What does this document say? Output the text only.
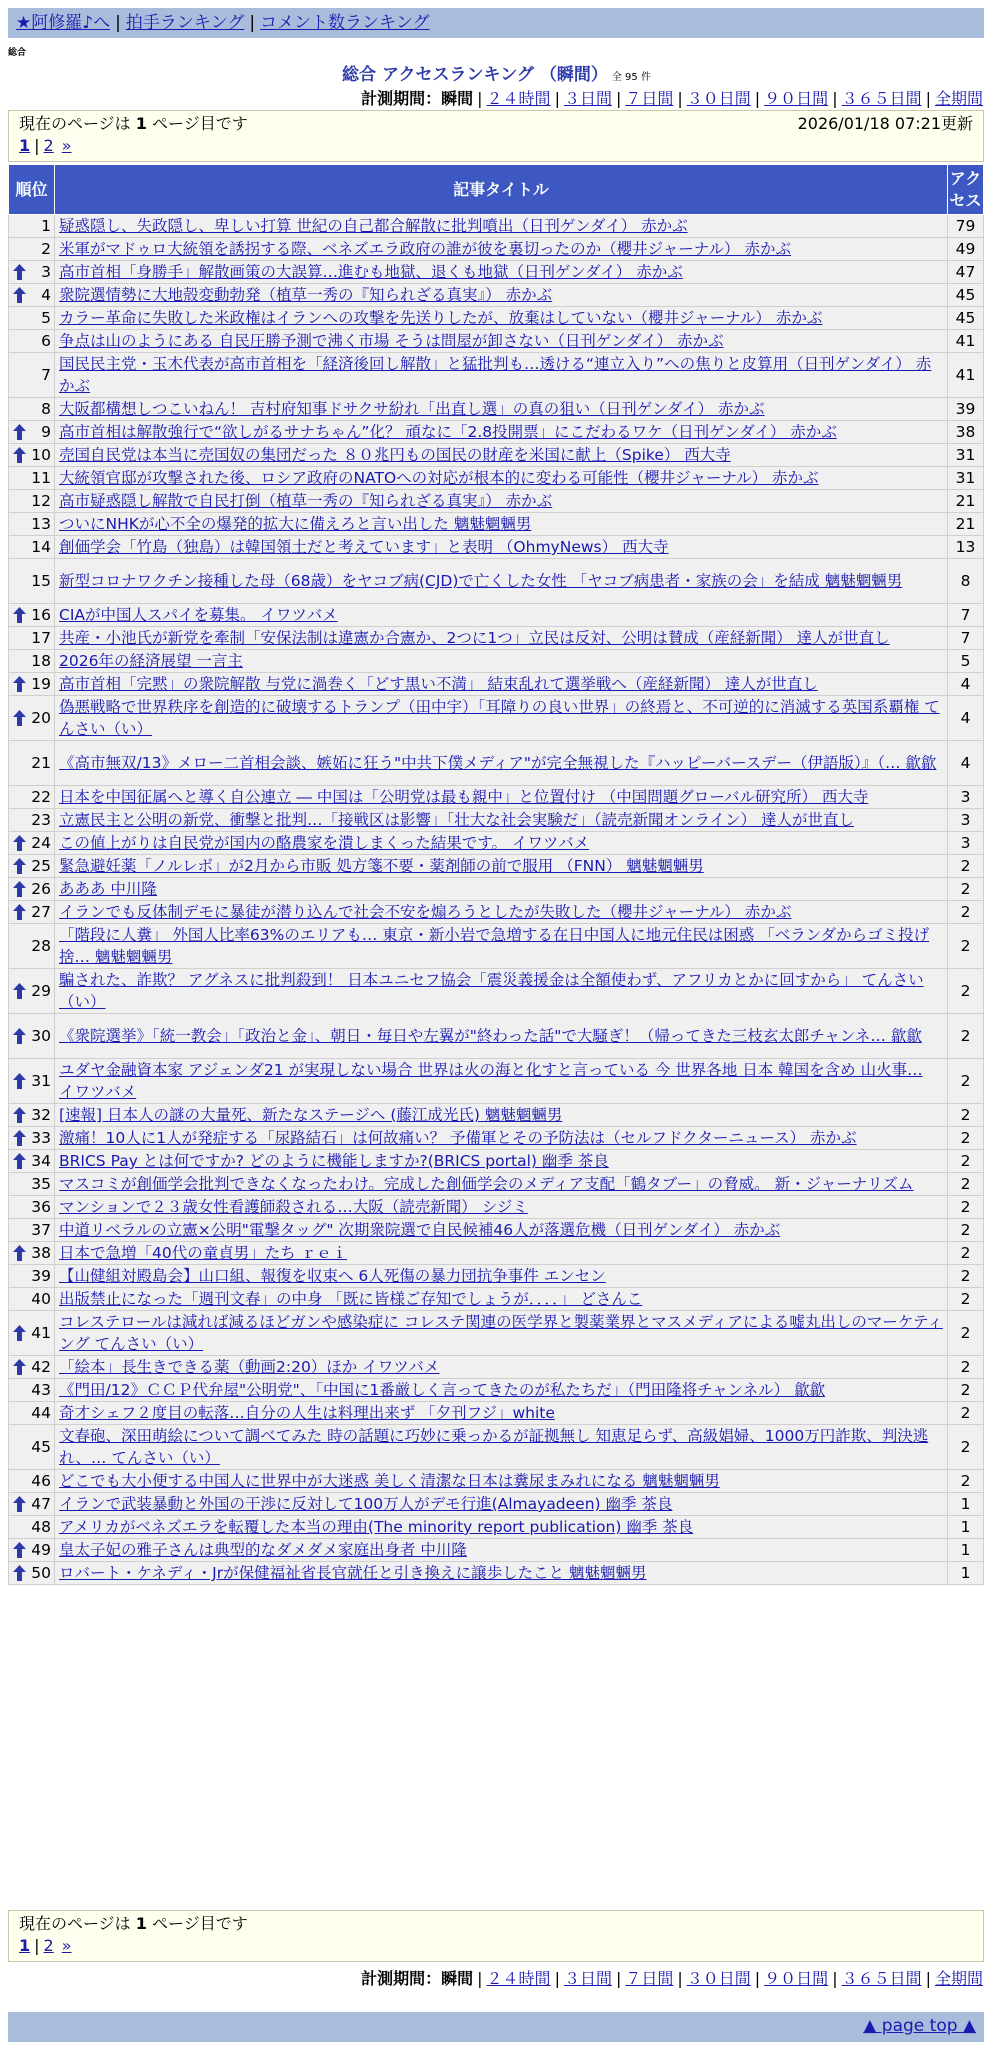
★阿修羅♪へ | 拍手ランキング | コメント数ランキング
総合
総合 アクセスランキング （瞬間） 全 95 件
計測期間：瞬間 | ２４時間 | ３日間 | ７日間 | ３０日間 | ９０日間 | ３６５日間 | 全期間
現在のページは 1 ページ目です	2026/01/18 07:21更新
1 | 2 »
順位	記事タイトル	アクセス
1	疑惑隠し、失政隠し、卑しい打算 世紀の自己都合解散に批判噴出（日刊ゲンダイ） 赤かぶ	79
2	米軍がマドゥロ大統領を誘拐する際、ベネズエラ政府の誰が彼を裏切ったのか（櫻井ジャーナル） 赤かぶ	49

3	高市首相「身勝手」解散画策の大誤算…進むも地獄、退くも地獄（日刊ゲンダイ） 赤かぶ	47

4	衆院選情勢に大地殻変動勃発（植草一秀の『知られざる真実』） 赤かぶ	45
5	カラー革命に失敗した米政権はイランへの攻撃を先送りしたが、放棄はしていない（櫻井ジャーナル） 赤かぶ	45
6	争点は山のようにある 自民圧勝予測で沸く市場 そうは問屋が卸さない（日刊ゲンダイ） 赤かぶ	41
7	国民民主党・玉木代表が高市首相を「経済後回し解散」と猛批判も…透ける“連立入り”への焦りと皮算用（日刊ゲンダイ） 赤かぶ	41
8	大阪都構想しつこいねん！ 吉村府知事ドサクサ紛れ「出直し選」の真の狙い（日刊ゲンダイ） 赤かぶ	39

9	高市首相は解散強行で“欲しがるサナちゃん”化？ 頑なに「2.8投開票」にこだわるワケ（日刊ゲンダイ） 赤かぶ	38

10	売国自民党は本当に売国奴の集団だった ８０兆円もの国民の財産を米国に献上（Spike） 西大寺	31
11	大統領官邸が攻撃された後、ロシア政府のNATOへの対応が根本的に変わる可能性（櫻井ジャーナル） 赤かぶ	31
12	高市疑惑隠し解散で自民打倒（植草一秀の『知られざる真実』） 赤かぶ	21
13	ついにNHKが心不全の爆発的拡大に備えろと言い出した 魑魅魍魎男	21
14	創価学会「竹島（独島）は韓国領土だと考えています」と表明 （OhmyNews） 西大寺	13
15	新型コロナワクチン接種した母（68歳）をヤコブ病(CJD)で亡くした女性 「ヤコブ病患者・家族の会」を結成 魑魅魍魎男	8

16	CIAが中国人スパイを募集。 イワツバメ	7
17	共産・小池氏が新党を牽制「安保法制は違憲か合憲か、2つに1つ」立民は反対、公明は賛成（産経新聞） 達人が世直し	7
18	2026年の経済展望 一言主	5

19	高市首相「完黙」の衆院解散 与党に渦巻く「どす黒い不満」 結束乱れて選挙戦へ（産経新聞） 達人が世直し	4

20	偽悪戦略で世界秩序を創造的に破壊するトランプ（田中宇）「耳障りの良い世界」の終焉と、不可逆的に消滅する英国系覇権 てんさい（い）	4
21	《高市無双/13》メロー二首相会談、嫉妬に狂う"中共下僕メディア"が完全無視した『ハッピーバースデー（伊語版）』（… 歙歙	4
22	日本を中国征属へと導く自公連立 ― 中国は「公明党は最も親中」と位置付け （中国問題グローバル研究所） 西大寺	3
23	立憲民主と公明の新党、衝撃と批判…「接戦区は影響」「壮大な社会実験だ」（読売新聞オンライン） 達人が世直し	3

24	この値上がりは自民党が国内の酪農家を潰しまくった結果です。 イワツバメ	3

25	緊急避妊薬「ノルレボ」が2月から市販 処方箋不要・薬剤師の前で服用 （FNN） 魑魅魍魎男	2

26	あああ 中川隆	2

27	イランでも反体制デモに暴徒が潜り込んで社会不安を煽ろうとしたが失敗した（櫻井ジャーナル） 赤かぶ	2
28	「階段に人糞」 外国人比率63%のエリアも… 東京・新小岩で急増する在日中国人に地元住民は困惑 「ベランダからゴミ投げ捨… 魑魅魍魎男	2

29	騙された、詐欺？ アグネスに批判殺到！ 日本ユニセフ協会「震災義援金は全額使わず、アフリカとかに回すから」 てんさい（い）	2

30	《衆院選挙》「統一教会」「政治と金」、朝日・毎日や左翼が"終わった話"で大騒ぎ！（帰ってきた三枝玄太郎チャンネ… 歙歙	2

31	ユダヤ金融資本家 アジェンダ21 が実現しない場合 世界は火の海と化すと言っている 今 世界各地 日本 韓国を含め 山火事… イワツバメ	2

32	[速報] 日本人の謎の大量死、新たなステージへ (藤江成光氏) 魑魅魍魎男	2

33	激痛！10人に1人が発症する「尿路結石」は何故痛い？ 予備軍とその予防法は（セルフドクターニュース） 赤かぶ	2

34	BRICS Pay とは何ですか? どのように機能しますか?(BRICS portal) 幽季 茶良	2
35	マスコミが創価学会批判できなくなったわけ。完成した創価学会のメディア支配「鶴タブー」の脅威。 新・ジャーナリズム	2
36	マンションで２３歳女性看護師殺される…大阪（読売新聞） シジミ	2
37	中道リベラルの立憲×公明"電撃タッグ" 次期衆院選で自民候補46人が落選危機（日刊ゲンダイ） 赤かぶ	2

38	日本で急増「40代の童貞男」たち ｒｅｉ	2
39	【山健組対殿島会】山口組、報復を収束へ 6人死傷の暴力団抗争事件 エンセン	2
40	出版禁止になった「週刊文春」の中身 「既に皆様ご存知でしょうが．．．．」 どさんこ	2

41	コレステロールは減れば減るほどガンや感染症に コレステ関連の医学界と製薬業界とマスメディアによる嘘丸出しのマーケティング てんさい（い）	2

42	「絵本」長生きできる薬（動画2:20）ほか イワツバメ	2
43	《門田/12》ＣＣＰ代弁屋"公明党"、「中国に1番厳しく言ってきたのが私たちだ」（門田隆将チャンネル） 歙歙	2
44	奇才シェフ２度目の転落…自分の人生は料理出来ず 「夕刊フジ」white	2
45	文春砲、深田萌絵について調べてみた 時の話題に巧妙に乗っかるが証拠無し 知恵足らず、高級娼婦、1000万円詐欺、判決逃れ、… てんさい（い）	2
46	どこでも大小便する中国人に世界中が大迷惑 美しく清潔な日本は糞尿まみれになる 魑魅魍魎男	2

47	イランで武装暴動と外国の干渉に反対して100万人がデモ行進(Almayadeen) 幽季 茶良	1
48	アメリカがベネズエラを転覆した本当の理由(The minority report publication) 幽季 茶良	1

49	皇太子妃の雅子さんは典型的なダメダメ家庭出身者 中川隆	1

50	ロバート・ケネディ・Jrが保健福祉省長官就任と引き換えに譲歩したこと 魑魅魍魎男	1
現在のページは 1 ページ目です
1 | 2 »
計測期間：瞬間 | ２４時間 | ３日間 | ７日間 | ３０日間 | ９０日間 | ３６５日間 | 全期間
▲ page top ▲
